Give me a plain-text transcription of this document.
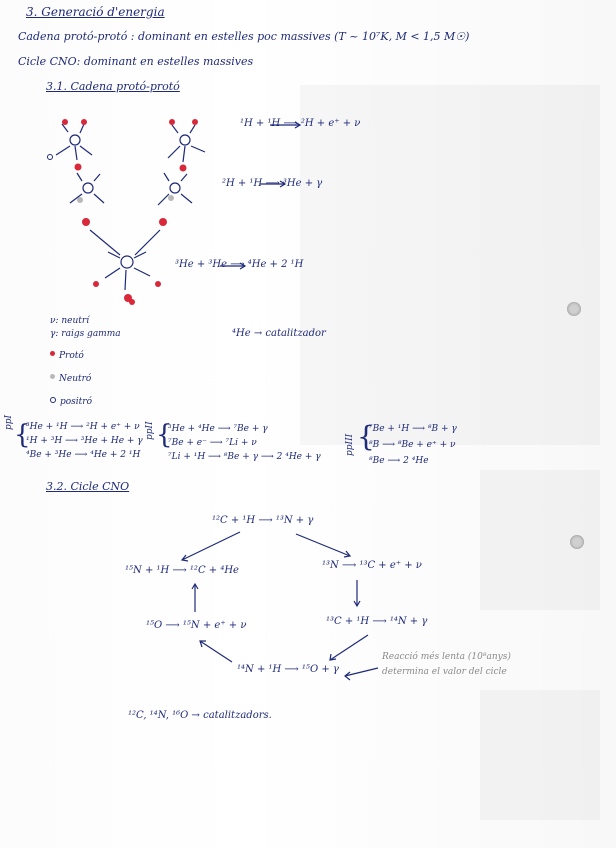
3. Generació d'energia
Cadena protó-protó : dominant en estelles poc massives (T ~ 10⁷K, M < 1,5 M☉)
Cicle CNO: dominant en estelles massives
3.1. Cadena protó-protó
¹H + ¹H ⟶ ²H + e⁺ + ν
²H + ¹H ⟶ ³He + γ
³He + ³He ⟶ ⁴He + 2 ¹H
⁴He → catalitzador
ν: neutrí
γ: raigs gamma
Protó
Neutró
positró
ppI {
³He + ¹H ⟶ ²H + e⁺ + ν
¹H + ³H ⟶ ³He + He + γ
⁴Be + ³He ⟶ ⁴He + 2 ¹H
ppII {
³He + ⁴He ⟶ ⁷Be + γ
⁷Be + e⁻ ⟶ ⁷Li + ν
⁷Li + ¹H ⟶ ⁸Be + γ ⟶ 2 ⁴He + γ
ppIII {
⁷Be + ¹H ⟶ ⁸B + γ
⁸B ⟶ ⁸Be + e⁺ + ν
⁸Be ⟶ 2 ⁴He
3.2. Cicle CNO
¹²C + ¹H ⟶ ¹³N + γ
¹³N ⟶ ¹³C + e⁺ + ν
¹³C + ¹H ⟶ ¹⁴N + γ
¹⁴N + ¹H ⟶ ¹⁵O + γ
¹⁵O ⟶ ¹⁵N + e⁺ + ν
¹⁵N + ¹H ⟶ ¹²C + ⁴He
Reacció més lenta (10⁸anys)
determina el valor del cicle
¹²C, ¹⁴N, ¹⁶O → catalitzadors.
